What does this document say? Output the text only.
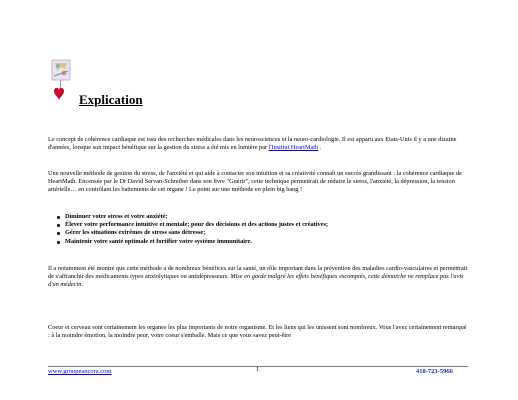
Explication

Le concept de cohérence cardiaque est issu des recherches médicales dans les neurosciences et la neuro-cardiologie. Il est apparu aux Etats-Unis il y a une dizaine d'années, lorsque son impact bénéfique sur la gestion du stress a été mis en lumière par l'Institut HeartMath .

Une nouvelle méthode de gestion du stress, de l'anxiété et qui aide à contacter son intuition et sa créativité connaît un succès grandissant : la cohérence cardiaque de HeartMath. Encensée par le Dr David Servan-Schreiber dans son livre "Guérir", cette technique permettrait de réduire le stress, l'anxiété, la dépression, la tension artérielle… en contrôlant les battements de cet organe ! Le point sur une méthode en plein big bang !

Diminuer votre stress et votre anxiété;
Élever votre performance intuitive et mentale; pour des décisions et des actions justes et créatives;
Gérer les situations extrêmes de stress sans détresse;
Maintenir votre santé optimale et fortifier votre système immunitaire.

Il a notamment été montré que cette méthode a de nombreux bénéfices sur la santé, un rôle important dans la prévention des maladies cardio-vasculaires et permettrait de s'affranchir des médicaments types anxiolytiques ou antidépresseurs. Mise en garde malgré les effets bénéfiques escomptés, cette démarche ne remplace pas l'avis d'un médecin.

Coeur et cerveau sont certainement les organes les plus importants de notre organisme. Et les liens qui les unissent sont nombreux. Vous l'avez certainement remarqué : à la moindre émotion, la moindre peur, votre coeur s'emballe. Mais ce que vous savez peut-être

www.groupeancora.com	1	418-723-5966
